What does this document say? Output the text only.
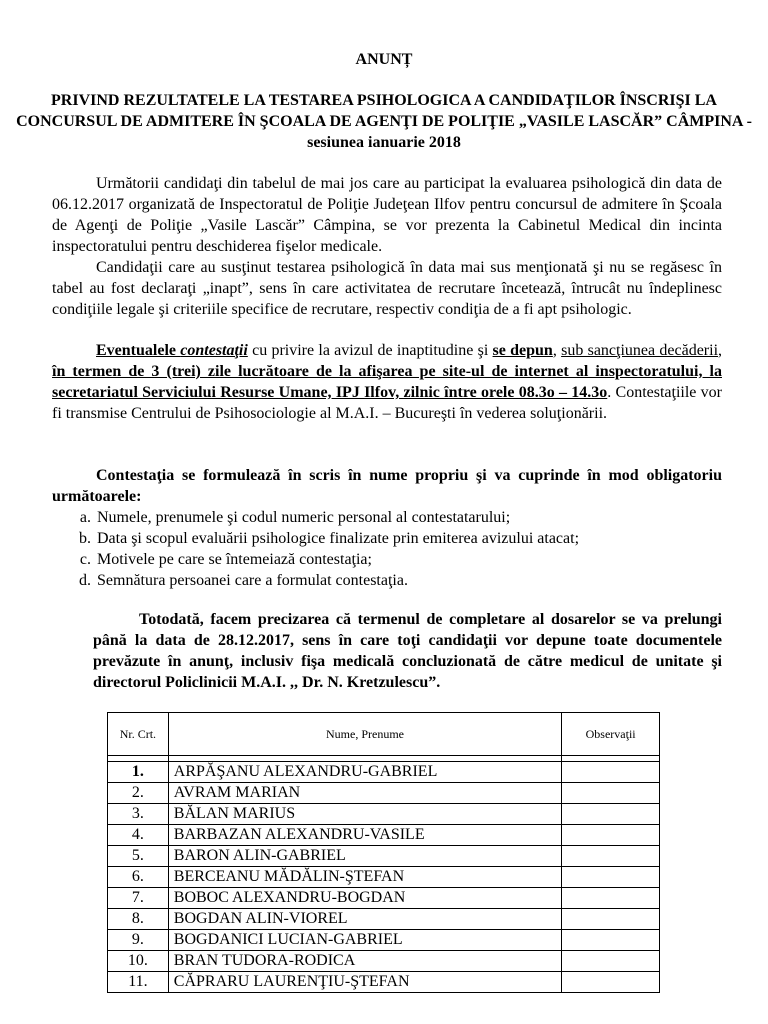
ANUNȚ

PRIVIND REZULTATELE LA TESTAREA PSIHOLOGICA A CANDIDAŢILOR ÎNSCRIŞI LA CONCURSUL DE ADMITERE ÎN ŞCOALA DE AGENŢI DE POLIŢIE „VASILE LASCĂR” CÂMPINA - sesiunea ianuarie 2018

Următorii candidaţi din tabelul de mai jos care au participat la evaluarea psihologică din data de 06.12.2017 organizată de Inspectoratul de Poliţie Judeţean Ilfov pentru concursul de admitere în Şcoala de Agenţi de Poliţie „Vasile Lascăr” Câmpina, se vor prezenta la Cabinetul Medical din incinta inspectoratului pentru deschiderea fişelor medicale.

Candidaţii care au susţinut testarea psihologică în data mai sus menţionată şi nu se regăsesc în tabel au fost declaraţi „inapt”, sens în care activitatea de recrutare încetează, întrucât nu îndeplinesc condiţiile legale şi criteriile specifice de recrutare, respectiv condiţia de a fi apt psihologic.

Eventualele contestaţii cu privire la avizul de inaptitudine şi se depun, sub sancţiunea decăderii, în termen de 3 (trei) zile lucrătoare de la afişarea pe site-ul de internet al inspectoratului, la secretariatul Serviciului Resurse Umane, IPJ Ilfov, zilnic între orele 08.3o – 14.3o. Contestaţiile vor fi transmise Centrului de Psihosociologie al M.A.I. – Bucureşti în vederea soluţionării.

Contestaţia se formulează în scris în nume propriu şi va cuprinde în mod obligatoriu următoarele:

a. Numele, prenumele şi codul numeric personal al contestatarului;
b. Data şi scopul evaluării psihologice finalizate prin emiterea avizului atacat;
c. Motivele pe care se întemeiază contestaţia;
d. Semnătura persoanei care a formulat contestaţia.

Totodată, facem precizarea că termenul de completare al dosarelor se va prelungi până la data de 28.12.2017, sens în care toţi candidaţii vor depune toate documentele prevăzute în anunţ, inclusiv fişa medicală concluzionată de către medicul de unitate şi directorul Policlinicii M.A.I. ,, Dr. N. Kretzulescu”.

Nr. Crt.	Nume, Prenume	Observaţii

1.	ARPĂŞANU ALEXANDRU-GABRIEL	
2.	AVRAM MARIAN	
3.	BĂLAN MARIUS	
4.	BARBAZAN ALEXANDRU-VASILE	
5.	BARON ALIN-GABRIEL	
6.	BERCEANU MĂDĂLIN-ŞTEFAN	
7.	BOBOC ALEXANDRU-BOGDAN	
8.	BOGDAN ALIN-VIOREL	
9.	BOGDANICI LUCIAN-GABRIEL	
10.	BRAN TUDORA-RODICA	
11.	CĂPRARU LAURENŢIU-ŞTEFAN	
